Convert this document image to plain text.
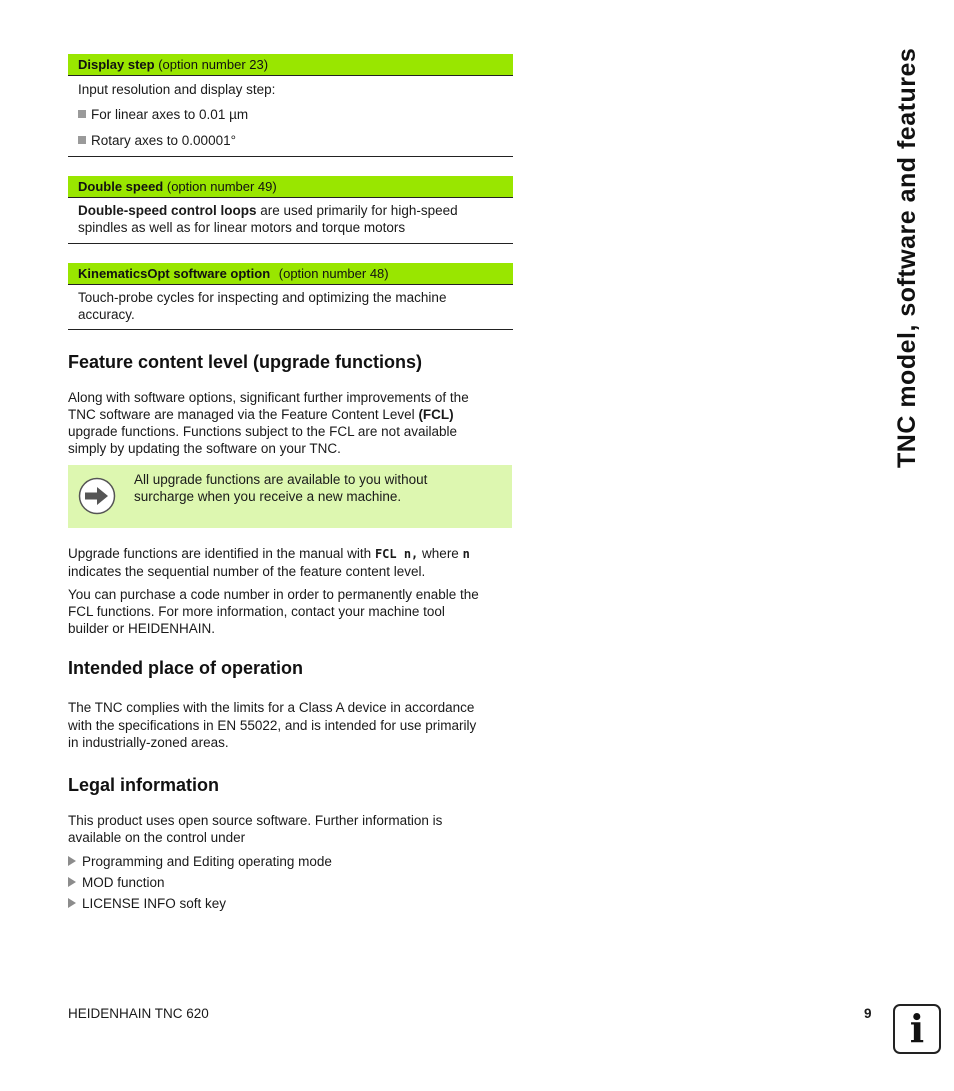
Display step (option number 23)
Input resolution and display step:
For linear axes to 0.01 µm
Rotary axes to 0.00001°
Double speed (option number 49)
Double-speed control loops are used primarily for high-speed
spindles as well as for linear motors and torque motors
KinematicsOpt software option (option number 48)
Touch-probe cycles for inspecting and optimizing the machine
accuracy.
Feature content level (upgrade functions)
Along with software options, significant further improvements of the
TNC software are managed via the Feature Content Level (FCL)
upgrade functions. Functions subject to the FCL are not available
simply by updating the software on your TNC.
All upgrade functions are available to you without
surcharge when you receive a new machine.
Upgrade functions are identified in the manual with FCL n, where n
indicates the sequential number of the feature content level.
You can purchase a code number in order to permanently enable the
FCL functions. For more information, contact your machine tool
builder or HEIDENHAIN.
Intended place of operation
The TNC complies with the limits for a Class A device in accordance
with the specifications in EN 55022, and is intended for use primarily
in industrially-zoned areas.
Legal information
This product uses open source software. Further information is
available on the control under
Programming and Editing operating mode
MOD function
LICENSE INFO soft key
HEIDENHAIN TNC 620	9	i
TNC model, software and features
